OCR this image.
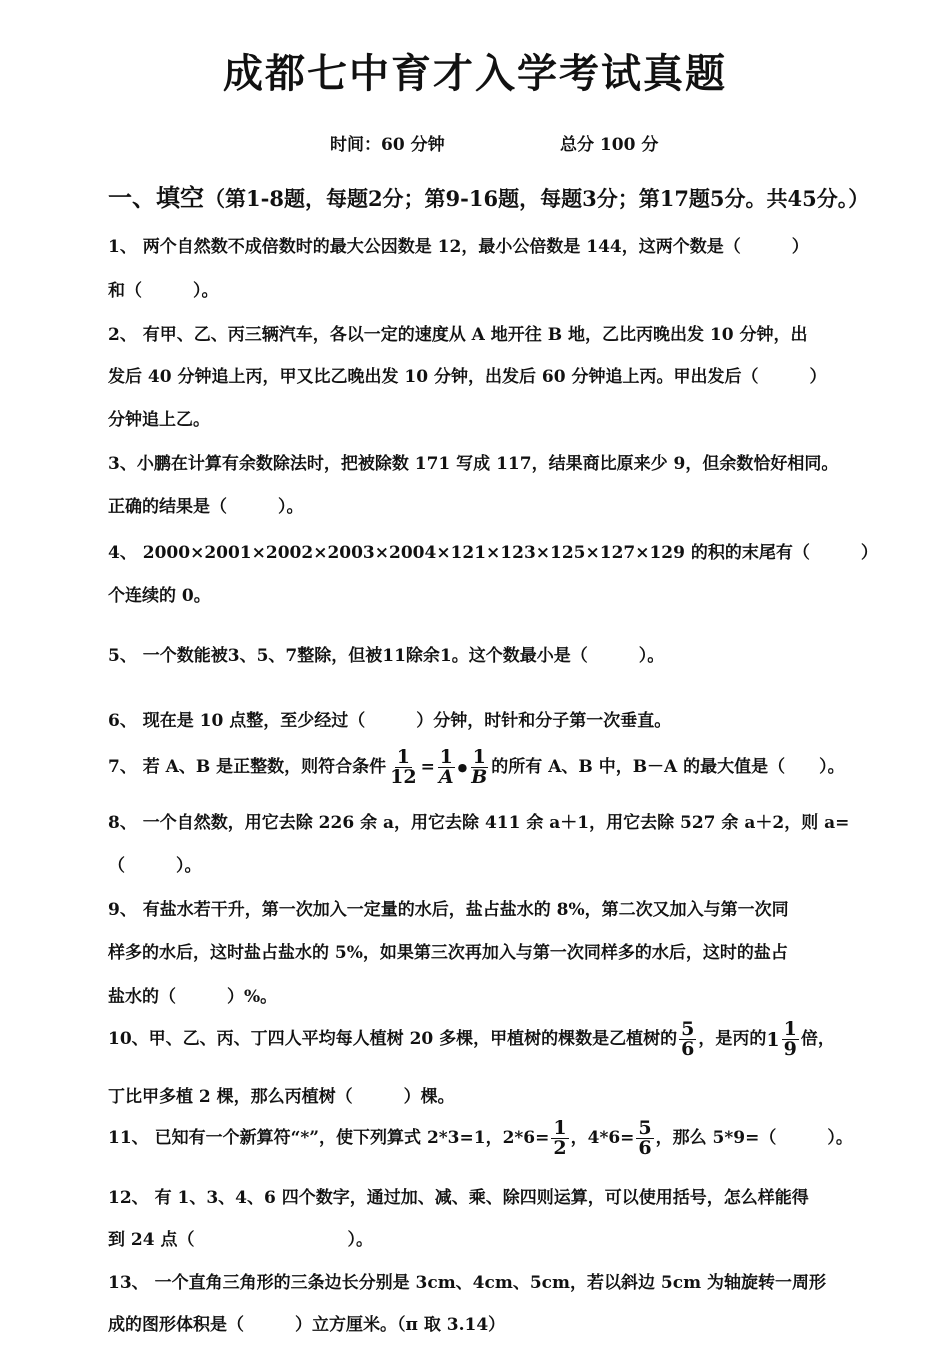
成都七中育才入学考试真题
时间：60 分钟	总分 100 分
一、填空（第1-8题，每题2分；第9-16题，每题3分；第17题5分。共45分。）
1、 两个自然数不成倍数时的最大公因数是 12，最小公倍数是 144，这两个数是（　　　）
和（　　　）。
2、 有甲、乙、丙三辆汽车，各以一定的速度从 A 地开往 B 地，乙比丙晚出发 10 分钟，出
发后 40 分钟追上丙，甲又比乙晚出发 10 分钟，出发后 60 分钟追上丙。甲出发后（　　　）
分钟追上乙。
3、小鹏在计算有余数除法时，把被除数 171 写成 117，结果商比原来少 9，但余数恰好相同。
正确的结果是（　　　）。
4、 2000×2001×2002×2003×2004×121×123×125×127×129 的积的末尾有（　　　）
个连续的 0。
5、 一个数能被3、5、7整除，但被11除余1。这个数最小是（　　　）。
6、 现在是 10 点整，至少经过（　　　）分钟，时针和分子第一次垂直。
7、 若 A、B 是正整数，则符合条件 $\frac{1}{12} = \frac{1}{A}$ ● $\frac{1}{B}$ 的所有 A、B 中，B－A 的最大值是（　　）。
8、 一个自然数，用它去除 226 余 a，用它去除 411 余 a＋1，用它去除 527 余 a＋2，则 a=
（　　　）。
9、 有盐水若干升，第一次加入一定量的水后，盐占盐水的 8%，第二次又加入与第一次同
样多的水后，这时盐占盐水的 5%，如果第三次再加入与第一次同样多的水后，这时的盐占
盐水的（　　　）%。
10、甲、乙、丙、丁四人平均每人植树 20 多棵，甲植树的棵数是乙植树的 $\frac{5}{6}$ ，是丙的 $1 \frac{1}{9}$ 倍，
丁比甲多植 2 棵，那么丙植树（　　　）棵。
11、 已知有一个新算符“*”，使下列算式 2*3=1，$2*6= \frac{1}{2}$ ，$4*6= \frac{5}{6}$ ，那么 5*9=（　　　）。
12、 有 1、3、4、6 四个数字，通过加、减、乘、除四则运算，可以使用括号，怎么样能得
到 24 点（　　　　　　　　　）。
13、 一个直角三角形的三条边长分别是 3cm、4cm、5cm，若以斜边 5cm 为轴旋转一周形
成的图形体积是（　　　）立方厘米。（π 取 3.14）
